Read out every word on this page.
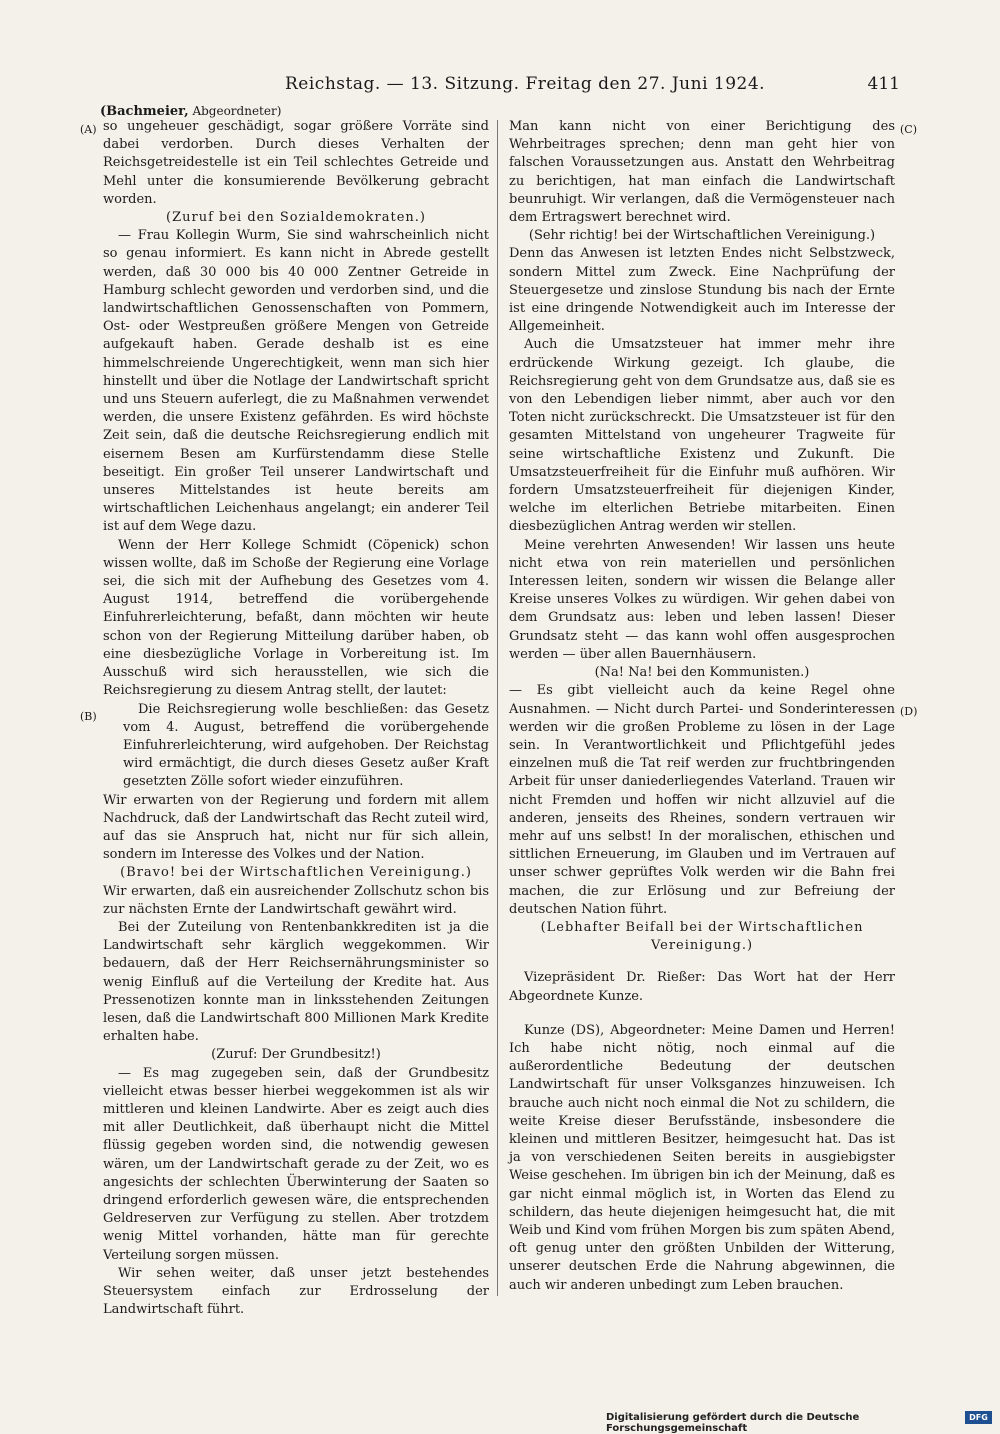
Reichstag. — 13. Sitzung. Freitag den 27. Juni 1924.	411
(Bachmeier, Abgeordneter)
(A)
(B)
(C)
(D)

so ungeheuer geschädigt, sogar größere Vorräte sind dabei verdorben. Durch dieses Verhalten der Reichsgetreidestelle ist ein Teil schlechtes Getreide und Mehl unter die konsumierende Bevölkerung gebracht worden.

(Zuruf bei den Sozialdemokraten.)

— Frau Kollegin Wurm, Sie sind wahrscheinlich nicht so genau informiert. Es kann nicht in Abrede gestellt werden, daß 30 000 bis 40 000 Zentner Getreide in Hamburg schlecht geworden und verdorben sind, und die landwirtschaftlichen Genossenschaften von Pommern, Ost- oder Westpreußen größere Mengen von Getreide aufgekauft haben. Gerade deshalb ist es eine himmelschreiende Ungerechtigkeit, wenn man sich hier hinstellt und über die Notlage der Landwirtschaft spricht und uns Steuern auferlegt, die zu Maßnahmen verwendet werden, die unsere Existenz gefährden. Es wird höchste Zeit sein, daß die deutsche Reichsregierung endlich mit eisernem Besen am Kurfürstendamm diese Stelle beseitigt. Ein großer Teil unserer Landwirtschaft und unseres Mittelstandes ist heute bereits am wirtschaftlichen Leichenhaus angelangt; ein anderer Teil ist auf dem Wege dazu.

Wenn der Herr Kollege Schmidt (Cöpenick) schon wissen wollte, daß im Schoße der Regierung eine Vorlage sei, die sich mit der Aufhebung des Gesetzes vom 4. August 1914, betreffend die vorübergehende Einfuhrerleichterung, befaßt, dann möchten wir heute schon von der Regierung Mitteilung darüber haben, ob eine diesbezügliche Vorlage in Vorbereitung ist. Im Ausschuß wird sich herausstellen, wie sich die Reichsregierung zu diesem Antrag stellt, der lautet:

Die Reichsregierung wolle beschließen: das Gesetz vom 4. August, betreffend die vorübergehende Einfuhrerleichterung, wird aufgehoben. Der Reichstag wird ermächtigt, die durch dieses Gesetz außer Kraft gesetzten Zölle sofort wieder einzuführen.

Wir erwarten von der Regierung und fordern mit allem Nachdruck, daß der Landwirtschaft das Recht zuteil wird, auf das sie Anspruch hat, nicht nur für sich allein, sondern im Interesse des Volkes und der Nation.

(Bravo! bei der Wirtschaftlichen Vereinigung.)

Wir erwarten, daß ein ausreichender Zollschutz schon bis zur nächsten Ernte der Landwirtschaft gewährt wird.

Bei der Zuteilung von Rentenbankkrediten ist ja die Landwirtschaft sehr kärglich weggekommen. Wir bedauern, daß der Herr Reichsernährungsminister so wenig Einfluß auf die Verteilung der Kredite hat. Aus Pressenotizen konnte man in linksstehenden Zeitungen lesen, daß die Landwirtschaft 800 Millionen Mark Kredite erhalten habe.

(Zuruf: Der Grundbesitz!)

— Es mag zugegeben sein, daß der Grundbesitz vielleicht etwas besser hierbei weggekommen ist als wir mittleren und kleinen Landwirte. Aber es zeigt auch dies mit aller Deutlichkeit, daß überhaupt nicht die Mittel flüssig gegeben worden sind, die notwendig gewesen wären, um der Landwirtschaft gerade zu der Zeit, wo es angesichts der schlechten Überwinterung der Saaten so dringend erforderlich gewesen wäre, die entsprechenden Geldreserven zur Verfügung zu stellen. Aber trotzdem wenig Mittel vorhanden, hätte man für gerechte Verteilung sorgen müssen.

Wir sehen weiter, daß unser jetzt bestehendes Steuersystem einfach zur Erdrosselung der Landwirtschaft führt.

Man kann nicht von einer Berichtigung des Wehrbeitrages sprechen; denn man geht hier von falschen Voraussetzungen aus. Anstatt den Wehrbeitrag zu berichtigen, hat man einfach die Landwirtschaft beunruhigt. Wir verlangen, daß die Vermögensteuer nach dem Ertragswert berechnet wird.

(Sehr richtig! bei der Wirtschaftlichen Vereinigung.)

Denn das Anwesen ist letzten Endes nicht Selbstzweck, sondern Mittel zum Zweck. Eine Nachprüfung der Steuergesetze und zinslose Stundung bis nach der Ernte ist eine dringende Notwendigkeit auch im Interesse der Allgemeinheit.

Auch die Umsatzsteuer hat immer mehr ihre erdrückende Wirkung gezeigt. Ich glaube, die Reichsregierung geht von dem Grundsatze aus, daß sie es von den Lebendigen lieber nimmt, aber auch vor den Toten nicht zurückschreckt. Die Umsatzsteuer ist für den gesamten Mittelstand von ungeheurer Tragweite für seine wirtschaftliche Existenz und Zukunft. Die Umsatzsteuerfreiheit für die Einfuhr muß aufhören. Wir fordern Umsatzsteuerfreiheit für diejenigen Kinder, welche im elterlichen Betriebe mitarbeiten. Einen diesbezüglichen Antrag werden wir stellen.

Meine verehrten Anwesenden! Wir lassen uns heute nicht etwa von rein materiellen und persönlichen Interessen leiten, sondern wir wissen die Belange aller Kreise unseres Volkes zu würdigen. Wir gehen dabei von dem Grundsatz aus: leben und leben lassen! Dieser Grundsatz steht — das kann wohl offen ausgesprochen werden — über allen Bauernhäusern.

(Na! Na! bei den Kommunisten.)

— Es gibt vielleicht auch da keine Regel ohne Ausnahmen. — Nicht durch Partei- und Sonderinteressen werden wir die großen Probleme zu lösen in der Lage sein. In Verantwortlichkeit und Pflichtgefühl jedes einzelnen muß die Tat reif werden zur fruchtbringenden Arbeit für unser daniederliegendes Vaterland. Trauen wir nicht Fremden und hoffen wir nicht allzuviel auf die anderen, jenseits des Rheines, sondern vertrauen wir mehr auf uns selbst! In der moralischen, ethischen und sittlichen Erneuerung, im Glauben und im Vertrauen auf unser schwer geprüftes Volk werden wir die Bahn frei machen, die zur Erlösung und zur Befreiung der deutschen Nation führt.

(Lebhafter Beifall bei der Wirtschaftlichen Vereinigung.)

Vizepräsident Dr. Rießer: Das Wort hat der Herr Abgeordnete Kunze.

Kunze (DS), Abgeordneter: Meine Damen und Herren! Ich habe nicht nötig, noch einmal auf die außerordentliche Bedeutung der deutschen Landwirtschaft für unser Volksganzes hinzuweisen. Ich brauche auch nicht noch einmal die Not zu schildern, die weite Kreise dieser Berufsstände, insbesondere die kleinen und mittleren Besitzer, heimgesucht hat. Das ist ja von verschiedenen Seiten bereits in ausgiebigster Weise geschehen. Im übrigen bin ich der Meinung, daß es gar nicht einmal möglich ist, in Worten das Elend zu schildern, das heute diejenigen heimgesucht hat, die mit Weib und Kind vom frühen Morgen bis zum späten Abend, oft genug unter den größten Unbilden der Witterung, unserer deutschen Erde die Nahrung abgewinnen, die auch wir anderen unbedingt zum Leben brauchen.

Digitalisierung gefördert durch die Deutsche Forschungsgemeinschaft
DFG
